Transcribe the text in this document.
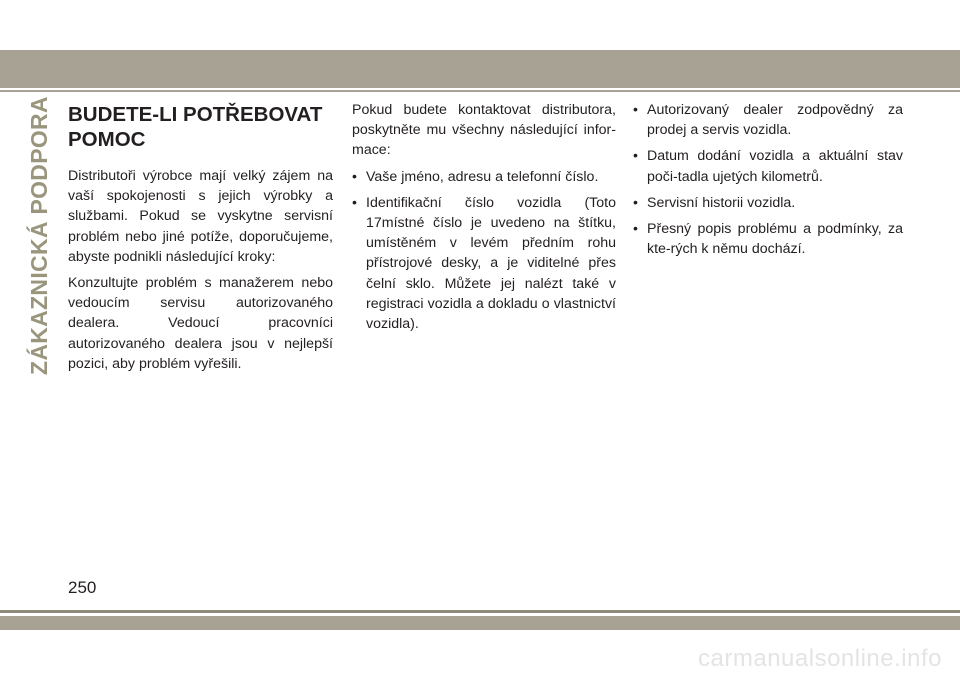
ZÁKAZNICKÁ PODPORA BUDETE-LI POTŘEBOVAT POMOC

Distributoři výrobce mají velký zájem na vaší spokojenosti s jejich výrobky a službami. Pokud se vyskytne servisní problém nebo jiné potíže, doporučujeme, abyste podnikli následující kroky:

Konzultujte problém s manažerem nebo vedoucím servisu autorizovaného dealera. Vedoucí pracovníci autorizovaného dealera jsou v nejlepší pozici, aby problém vyřešili.

Pokud budete kontaktovat distributora, poskytněte mu všechny následující infor-mace:

• Vaše jméno, adresu a telefonní číslo.
• Identifikační číslo vozidla (Toto 17místné číslo je uvedeno na štítku, umístěném v levém předním rohu přístrojové desky, a je viditelné přes čelní sklo. Můžete jej nalézt také v registraci vozidla a dokladu o vlastnictví vozidla).
• Autorizovaný dealer zodpovědný za prodej a servis vozidla.
• Datum dodání vozidla a aktuální stav poči-tadla ujetých kilometrů.
• Servisní historii vozidla.
• Přesný popis problému a podmínky, za kte-rých k němu dochází.
250
carmanualsonline.info
